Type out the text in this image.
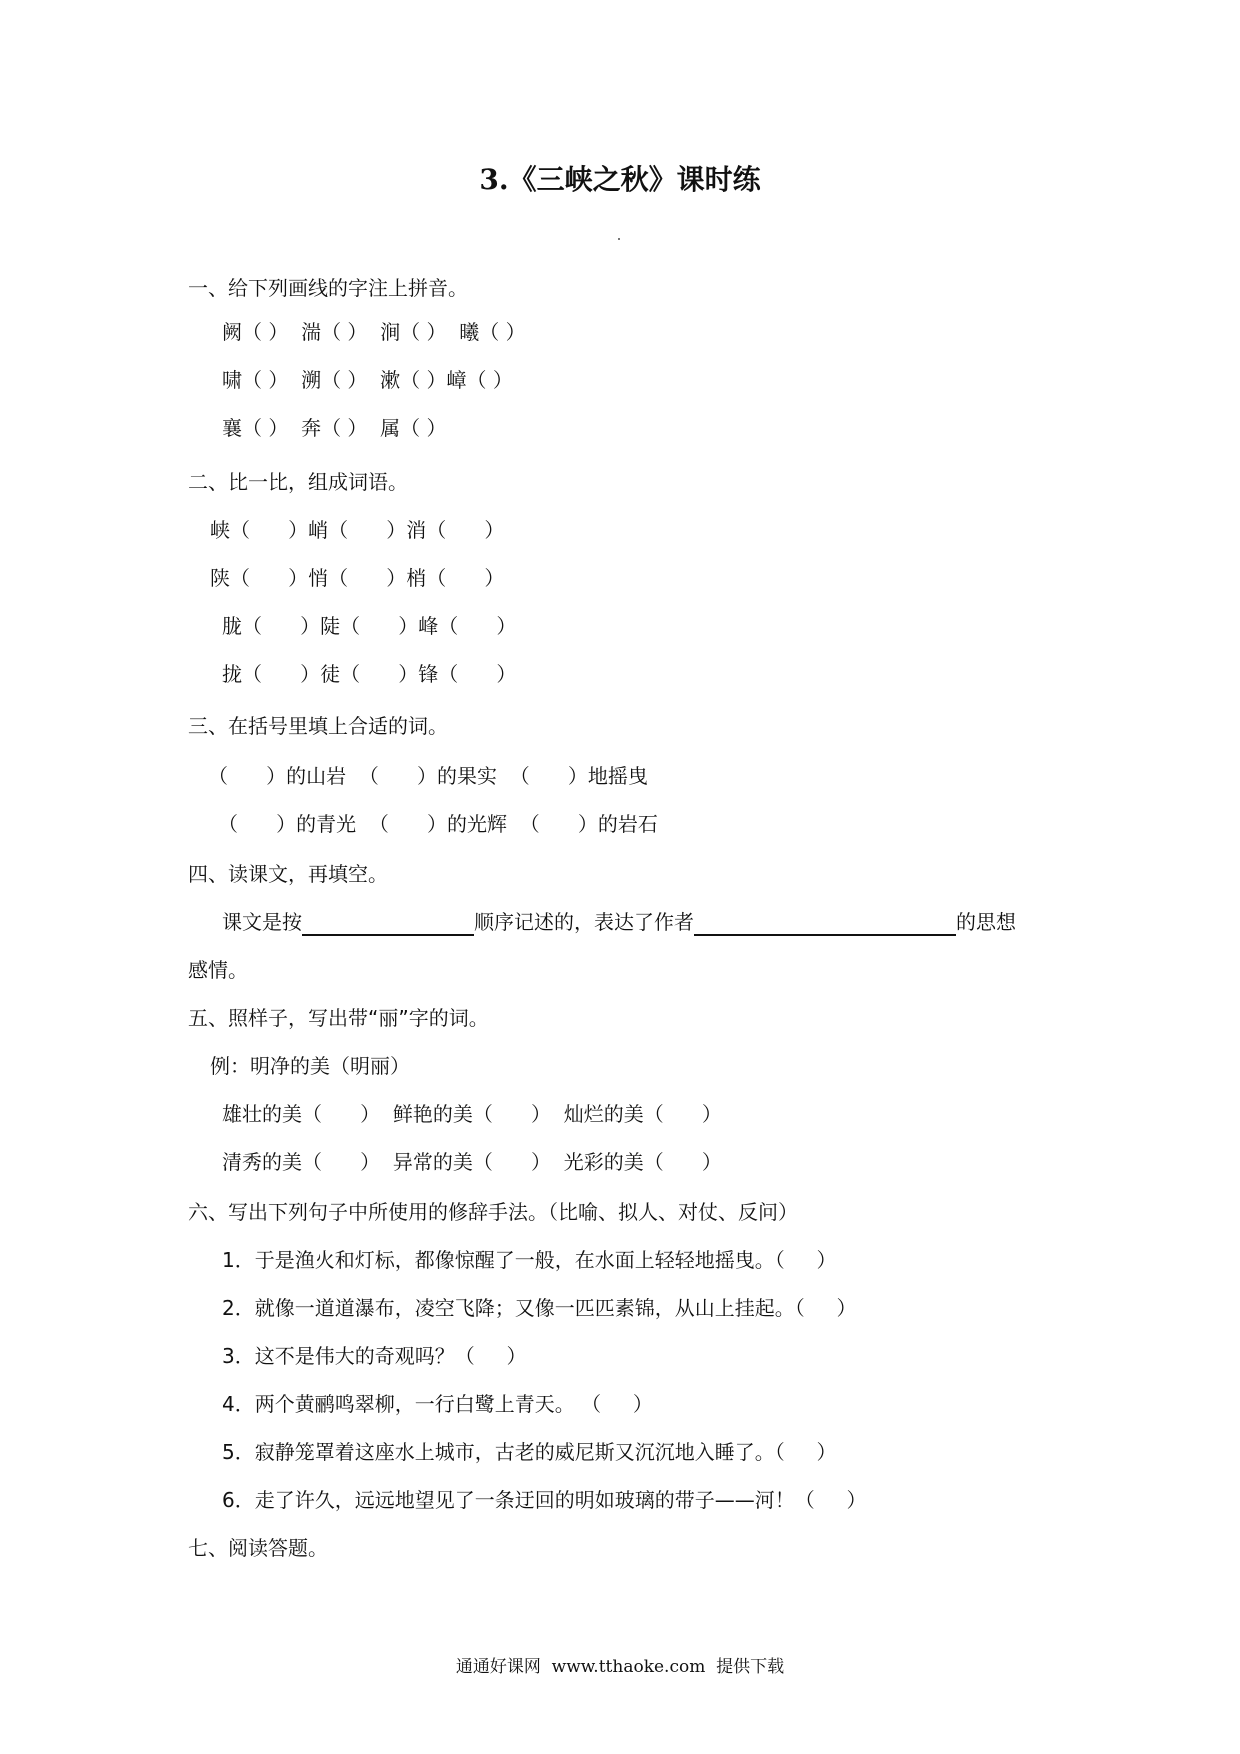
3.《三峡之秋》课时练
一、给下列画线的字注上拼音。
阙（ ）  湍（ ）  涧（ ）  曦（ ）
啸（ ）  溯（ ）  漱（ ）嶂（ ）
襄（ ）  奔（ ）  属（ ）
二、比一比，组成词语。
峡（      ）峭（      ）消（      ）
陕（      ）悄（      ）梢（      ）
胧（      ）陡（      ）峰（      ）
拢（      ）徒（      ）锋（      ）
三、在括号里填上合适的词。
（      ）的山岩  （      ）的果实  （      ）地摇曳
（      ）的青光  （      ）的光辉  （      ）的岩石
四、读课文，再填空。
课文是按	顺序记述的，表达了作者	的思想
感情。
五、照样子，写出带“丽”字的词。
例：明净的美（明丽）
雄壮的美（      ）  鲜艳的美（      ）  灿烂的美（      ）
清秀的美（      ）  异常的美（      ）  光彩的美（      ）
六、写出下列句子中所使用的修辞手法。（比喻、拟人、对仗、反问）
1．于是渔火和灯标，都像惊醒了一般，在水面上轻轻地摇曳。（     ）
2．就像一道道瀑布，凌空飞降；又像一匹匹素锦，从山上挂起。（     ）
3．这不是伟大的奇观吗？（     ）
4．两个黄鹂鸣翠柳，一行白鹭上青天。 （     ）
5．寂静笼罩着这座水上城市，古老的威尼斯又沉沉地入睡了。（     ）
6．走了许久，远远地望见了一条迂回的明如玻璃的带子——河！（     ）
七、阅读答题。
通通好课网  www.tthaoke.com  提供下载
